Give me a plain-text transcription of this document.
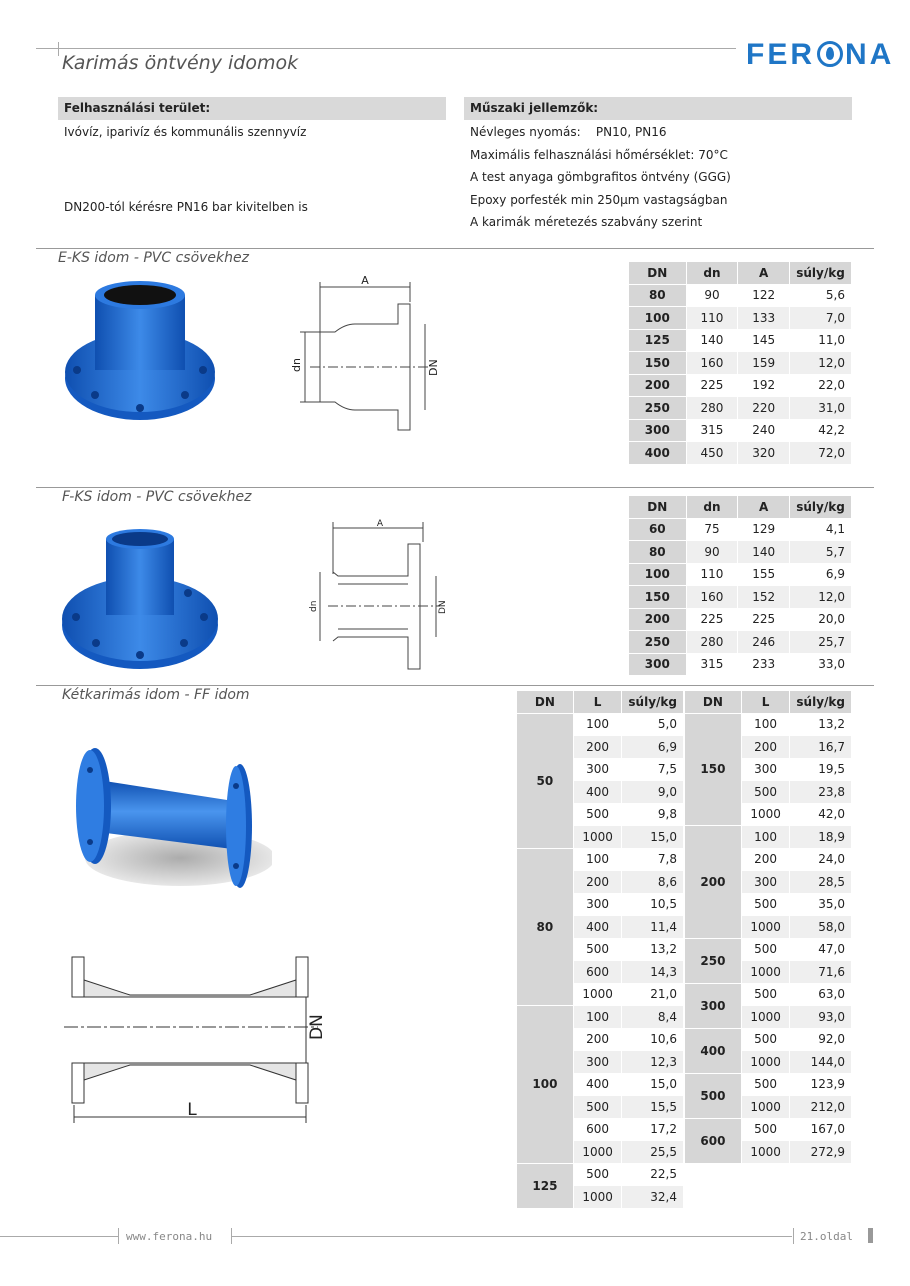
Karimás öntvény idomok	FER NA
Felhasználási terület:
Ivóvíz, iparivíz és kommunális szennyvíz
DN200-tól kérésre PN16 bar kivitelben is
Műszaki jellemzők:
Névleges nyomás:    PN10, PN16
Maximális felhasználási hőmérséklet: 70°C
A test anyaga gömbgrafitos öntvény (GGG)
Epoxy porfesték min 250µm vastagságban
A karimák méretezés szabvány szerint
E-KS idom - PVC csövekhez
A
dn	DN
DN	dn	A	súly/kg
80	90	122	5,6
100	110	133	7,0
125	140	145	11,0
150	160	159	12,0
200	225	192	22,0
250	280	220	31,0
300	315	240	42,2
400	450	320	72,0
F-KS idom - PVC csövekhez
A
dn	DN
DN	dn	A	súly/kg
60	75	129	4,1
80	90	140	5,7
100	110	155	6,9
150	160	152	12,0
200	225	225	20,0
250	280	246	25,7
300	315	233	33,0
Kétkarimás idom - FF idom
DN
L
DN	L	súly/kg
50	100	5,0
	200	6,9
	300	7,5
	400	9,0
	500	9,8
	1000	15,0
80	100	7,8
	200	8,6
	300	10,5
	400	11,4
	500	13,2
	600	14,3
	1000	21,0
100	100	8,4
	200	10,6
	300	12,3
	400	15,0
	500	15,5
	600	17,2
	1000	25,5
125	500	22,5
	1000	32,4
DN	L	súly/kg
150	100	13,2
	200	16,7
	300	19,5
	500	23,8
	1000	42,0
200	100	18,9
	200	24,0
	300	28,5
	500	35,0
	1000	58,0
250	500	47,0
	1000	71,6
300	500	63,0
	1000	93,0
400	500	92,0
	1000	144,0
500	500	123,9
	1000	212,0
600	500	167,0
	1000	272,9
www.ferona.hu	21.oldal
